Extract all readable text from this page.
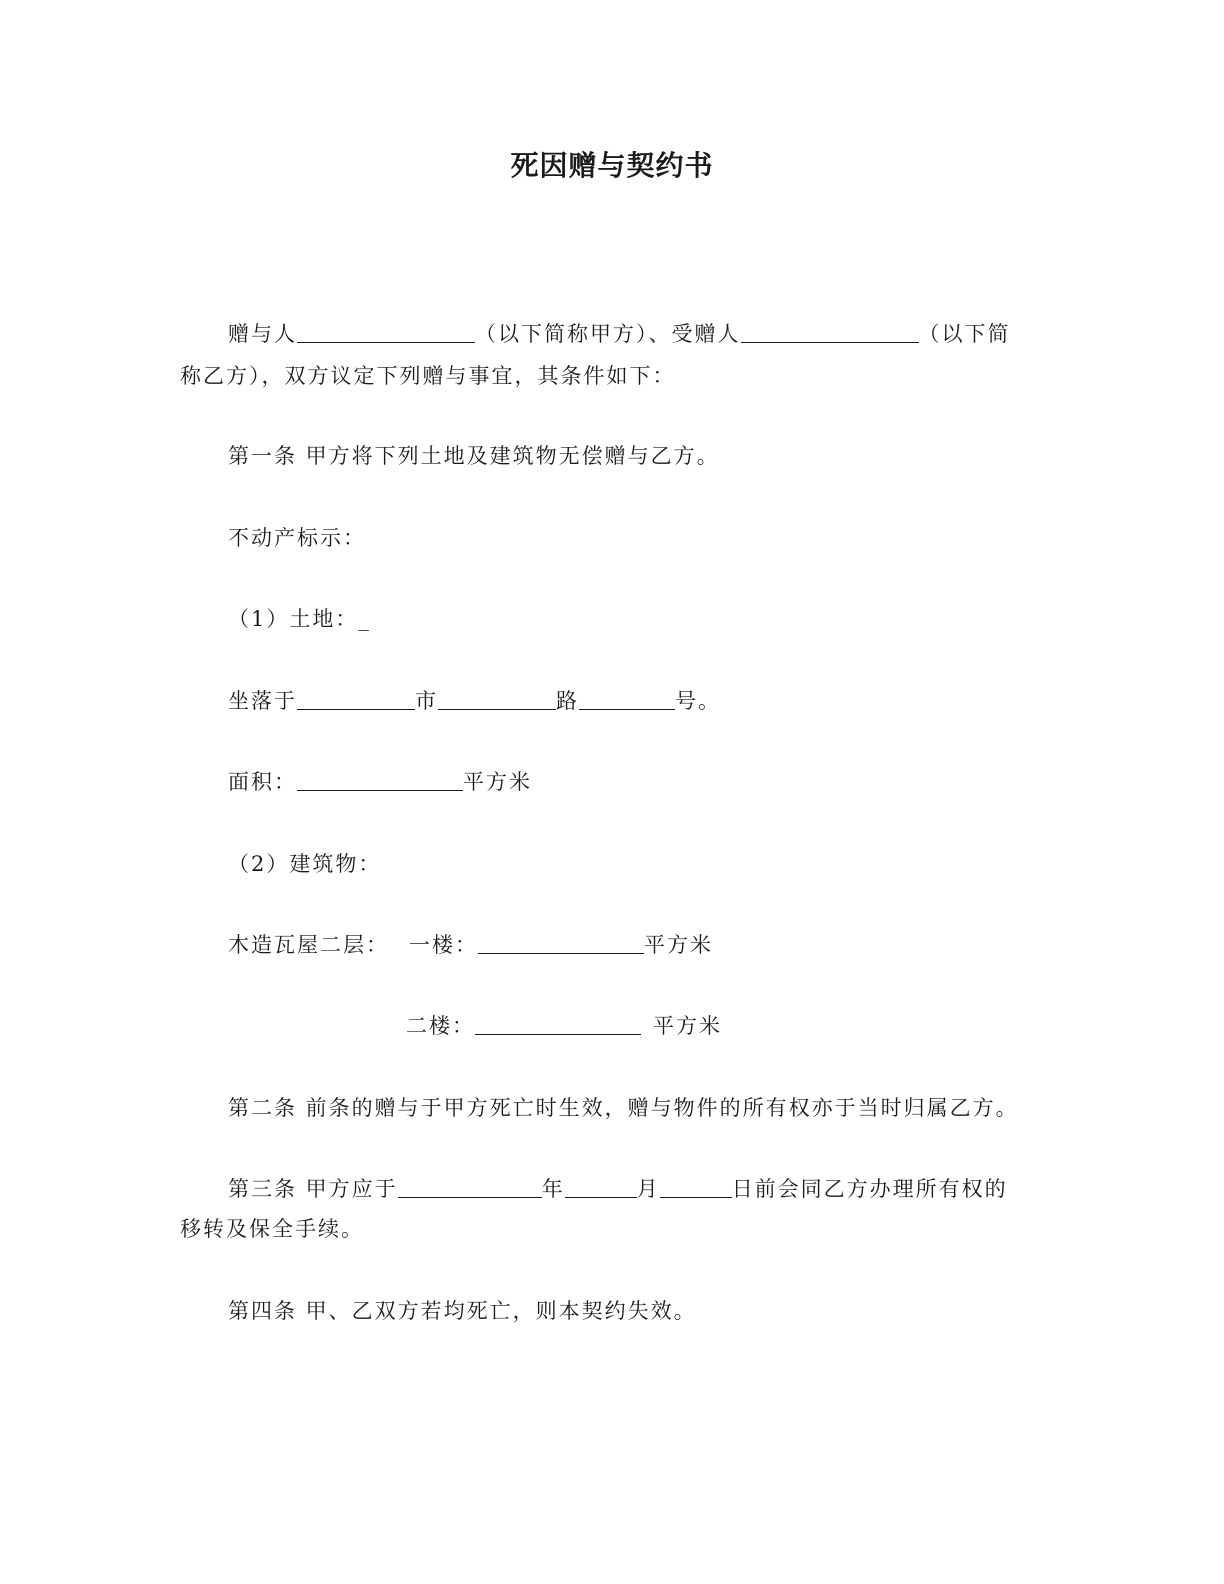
死因赠与契约书
赠与人	（以下简称甲方）、受赠人	（以下简
称乙方），双方议定下列赠与事宜，其条件如下：
第一条 甲方将下列土地及建筑物无偿赠与乙方。
不动产标示：
（1）土地：_
坐落于	市	路	号。
面积：	平方米
（2）建筑物：
木造瓦屋二层： 一楼：	平方米
二楼：	平方米
第二条 前条的赠与于甲方死亡时生效，赠与物件的所有权亦于当时归属乙方。
第三条 甲方应于	年	月	日前会同乙方办理所有权的
移转及保全手续。
第四条 甲、乙双方若均死亡，则本契约失效。
